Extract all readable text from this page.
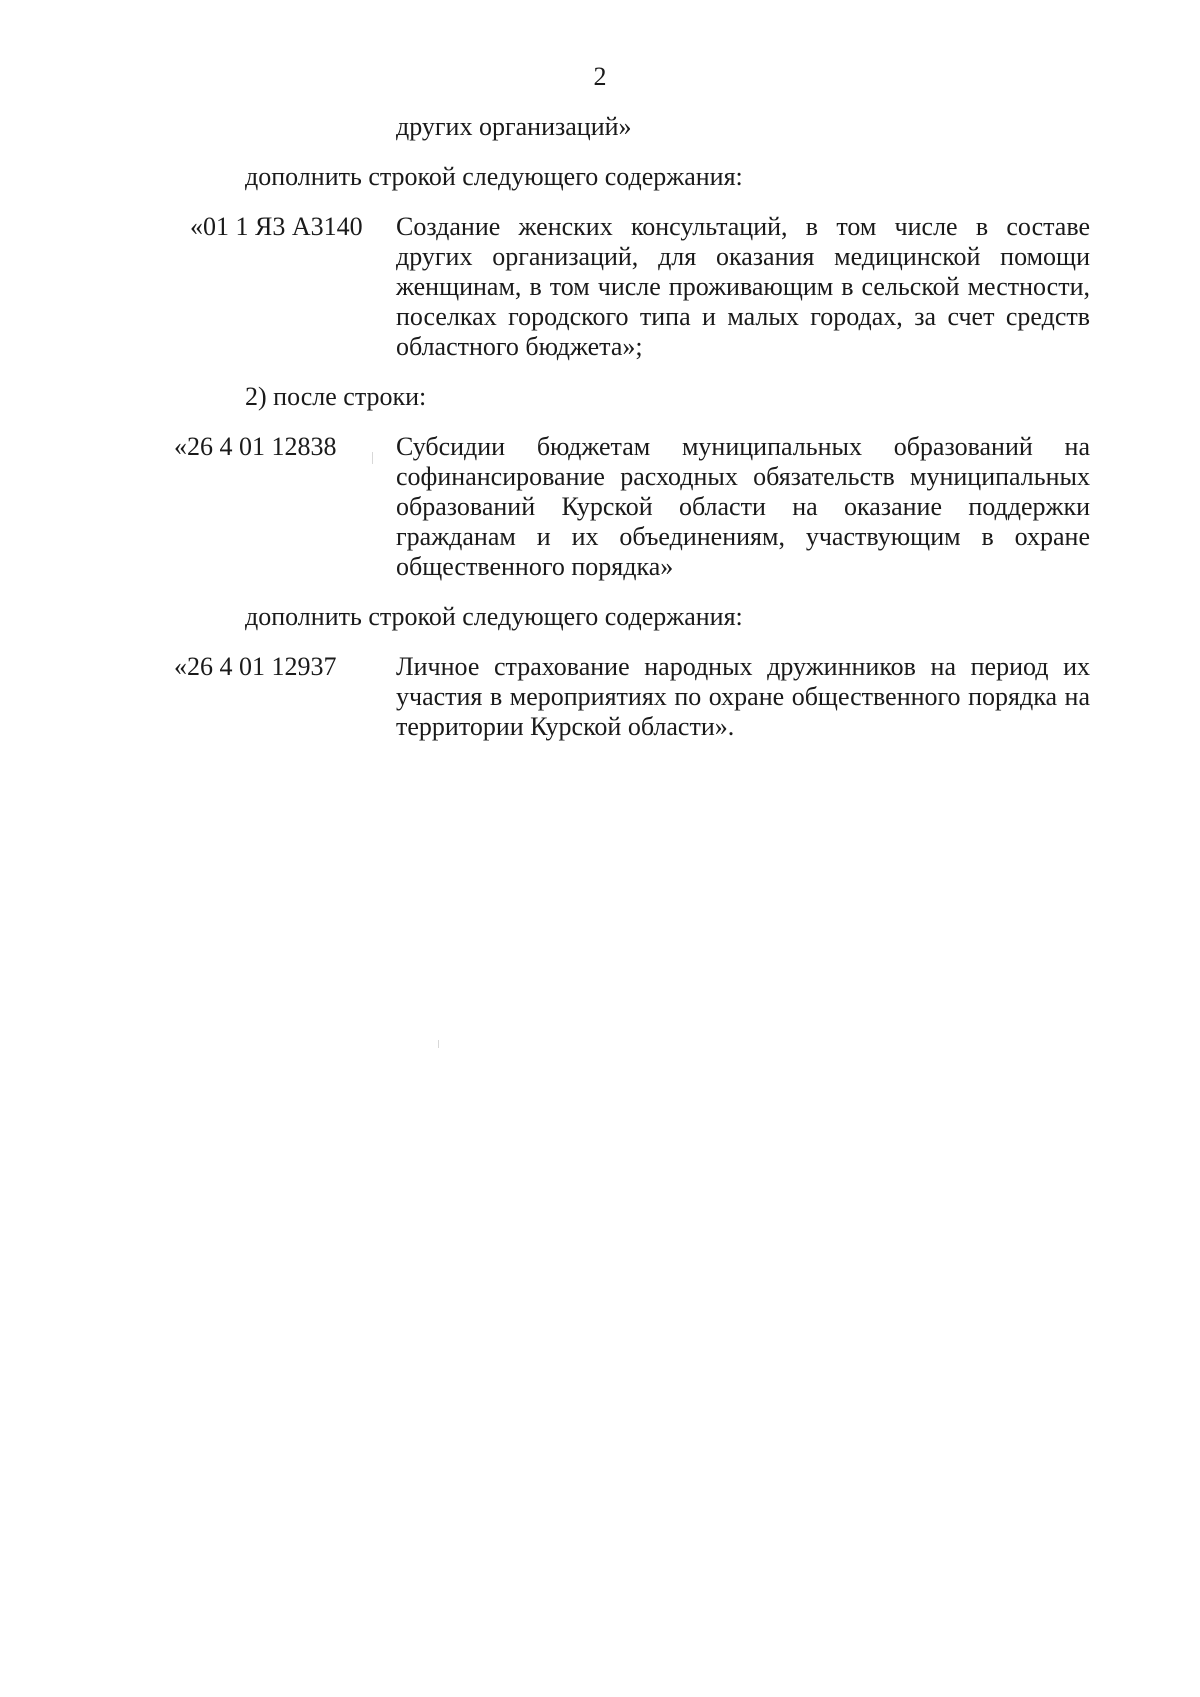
2
других организаций»
дополнить строкой следующего содержания:
«01 1 Я3 А3140 Создание женских консультаций, в том числе в составе других организаций, для оказания медицинской помощи женщинам, в том числе проживающим в сельской местности, поселках городского типа и малых городах, за счет средств областного бюджета»;
2) после строки:
«26 4 01 12838 Субсидии бюджетам муниципальных образований на софинансирование расходных обязательств муниципальных образований Курской области на оказание поддержки гражданам и их объединениям, участвующим в охране общественного порядка»
дополнить строкой следующего содержания:
«26 4 01 12937 Личное страхование народных дружинников на период их участия в мероприятиях по охране общественного порядка на территории Курской области».
